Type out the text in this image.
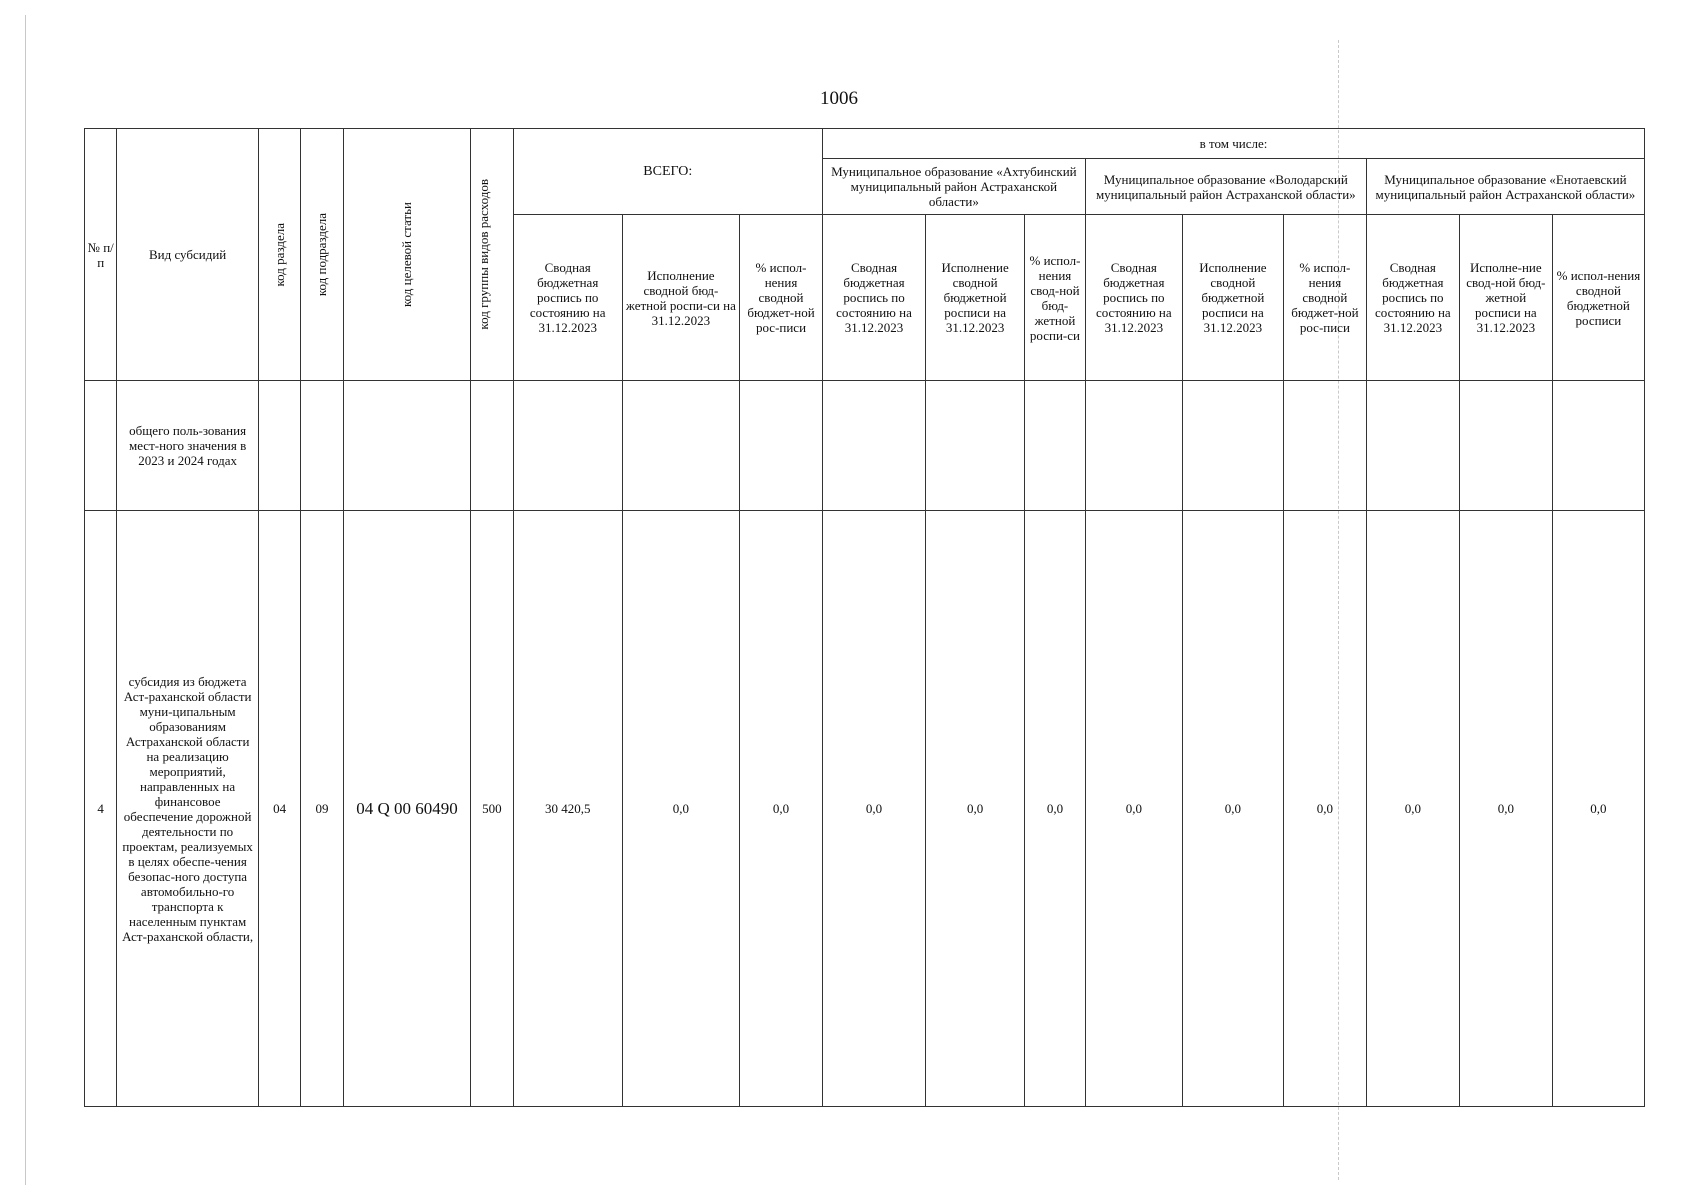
1006
№ п/п	Вид субсидий	код раздела	код подраздела	код целевой статьи	код группы видов расходов	ВСЕГО:			в том числе:								
									Муниципальное образование «Ахтубинский муниципальный район Астраханской области»			Муниципальное образование «Володарский муниципальный район Астраханской области»			Муниципальное образование «Енотаевский муниципальный район Астраханской области»		
						Сводная бюджетная роспись по состоянию на 31.12.2023	Исполнение сводной бюд-жетной роспи-си на 31.12.2023	% испол-нения сводной бюджет-ной рос-писи	Сводная бюджетная роспись по состоянию на 31.12.2023	Исполнение сводной бюджетной росписи на 31.12.2023	% испол-нения свод-ной бюд-жетной роспи-си	Сводная бюджетная роспись по состоянию на 31.12.2023	Исполнение сводной бюджетной росписи на 31.12.2023	% испол-нения сводной бюджет-ной рос-писи	Сводная бюджетная роспись по состоянию на 31.12.2023	Исполне-ние свод-ной бюд-жетной росписи на 31.12.2023	% испол-нения сводной бюджетной росписи
	общего поль-зования мест-ного значения в 2023 и 2024 годах																
4	субсидия из бюджета Аст-раханской области муни-ципальным образованиям Астраханской области на реализацию мероприятий, направленных на финансовое обеспечение дорожной деятельности по проектам, реализуемых в целях обеспе-чения безопас-ного доступа автомобильно-го транспорта к населенным пунктам Аст-раханской области,	04	09	04 Q 00 60490	500	30 420,5	0,0	0,0	0,0	0,0	0,0	0,0	0,0	0,0	0,0	0,0	0,0
